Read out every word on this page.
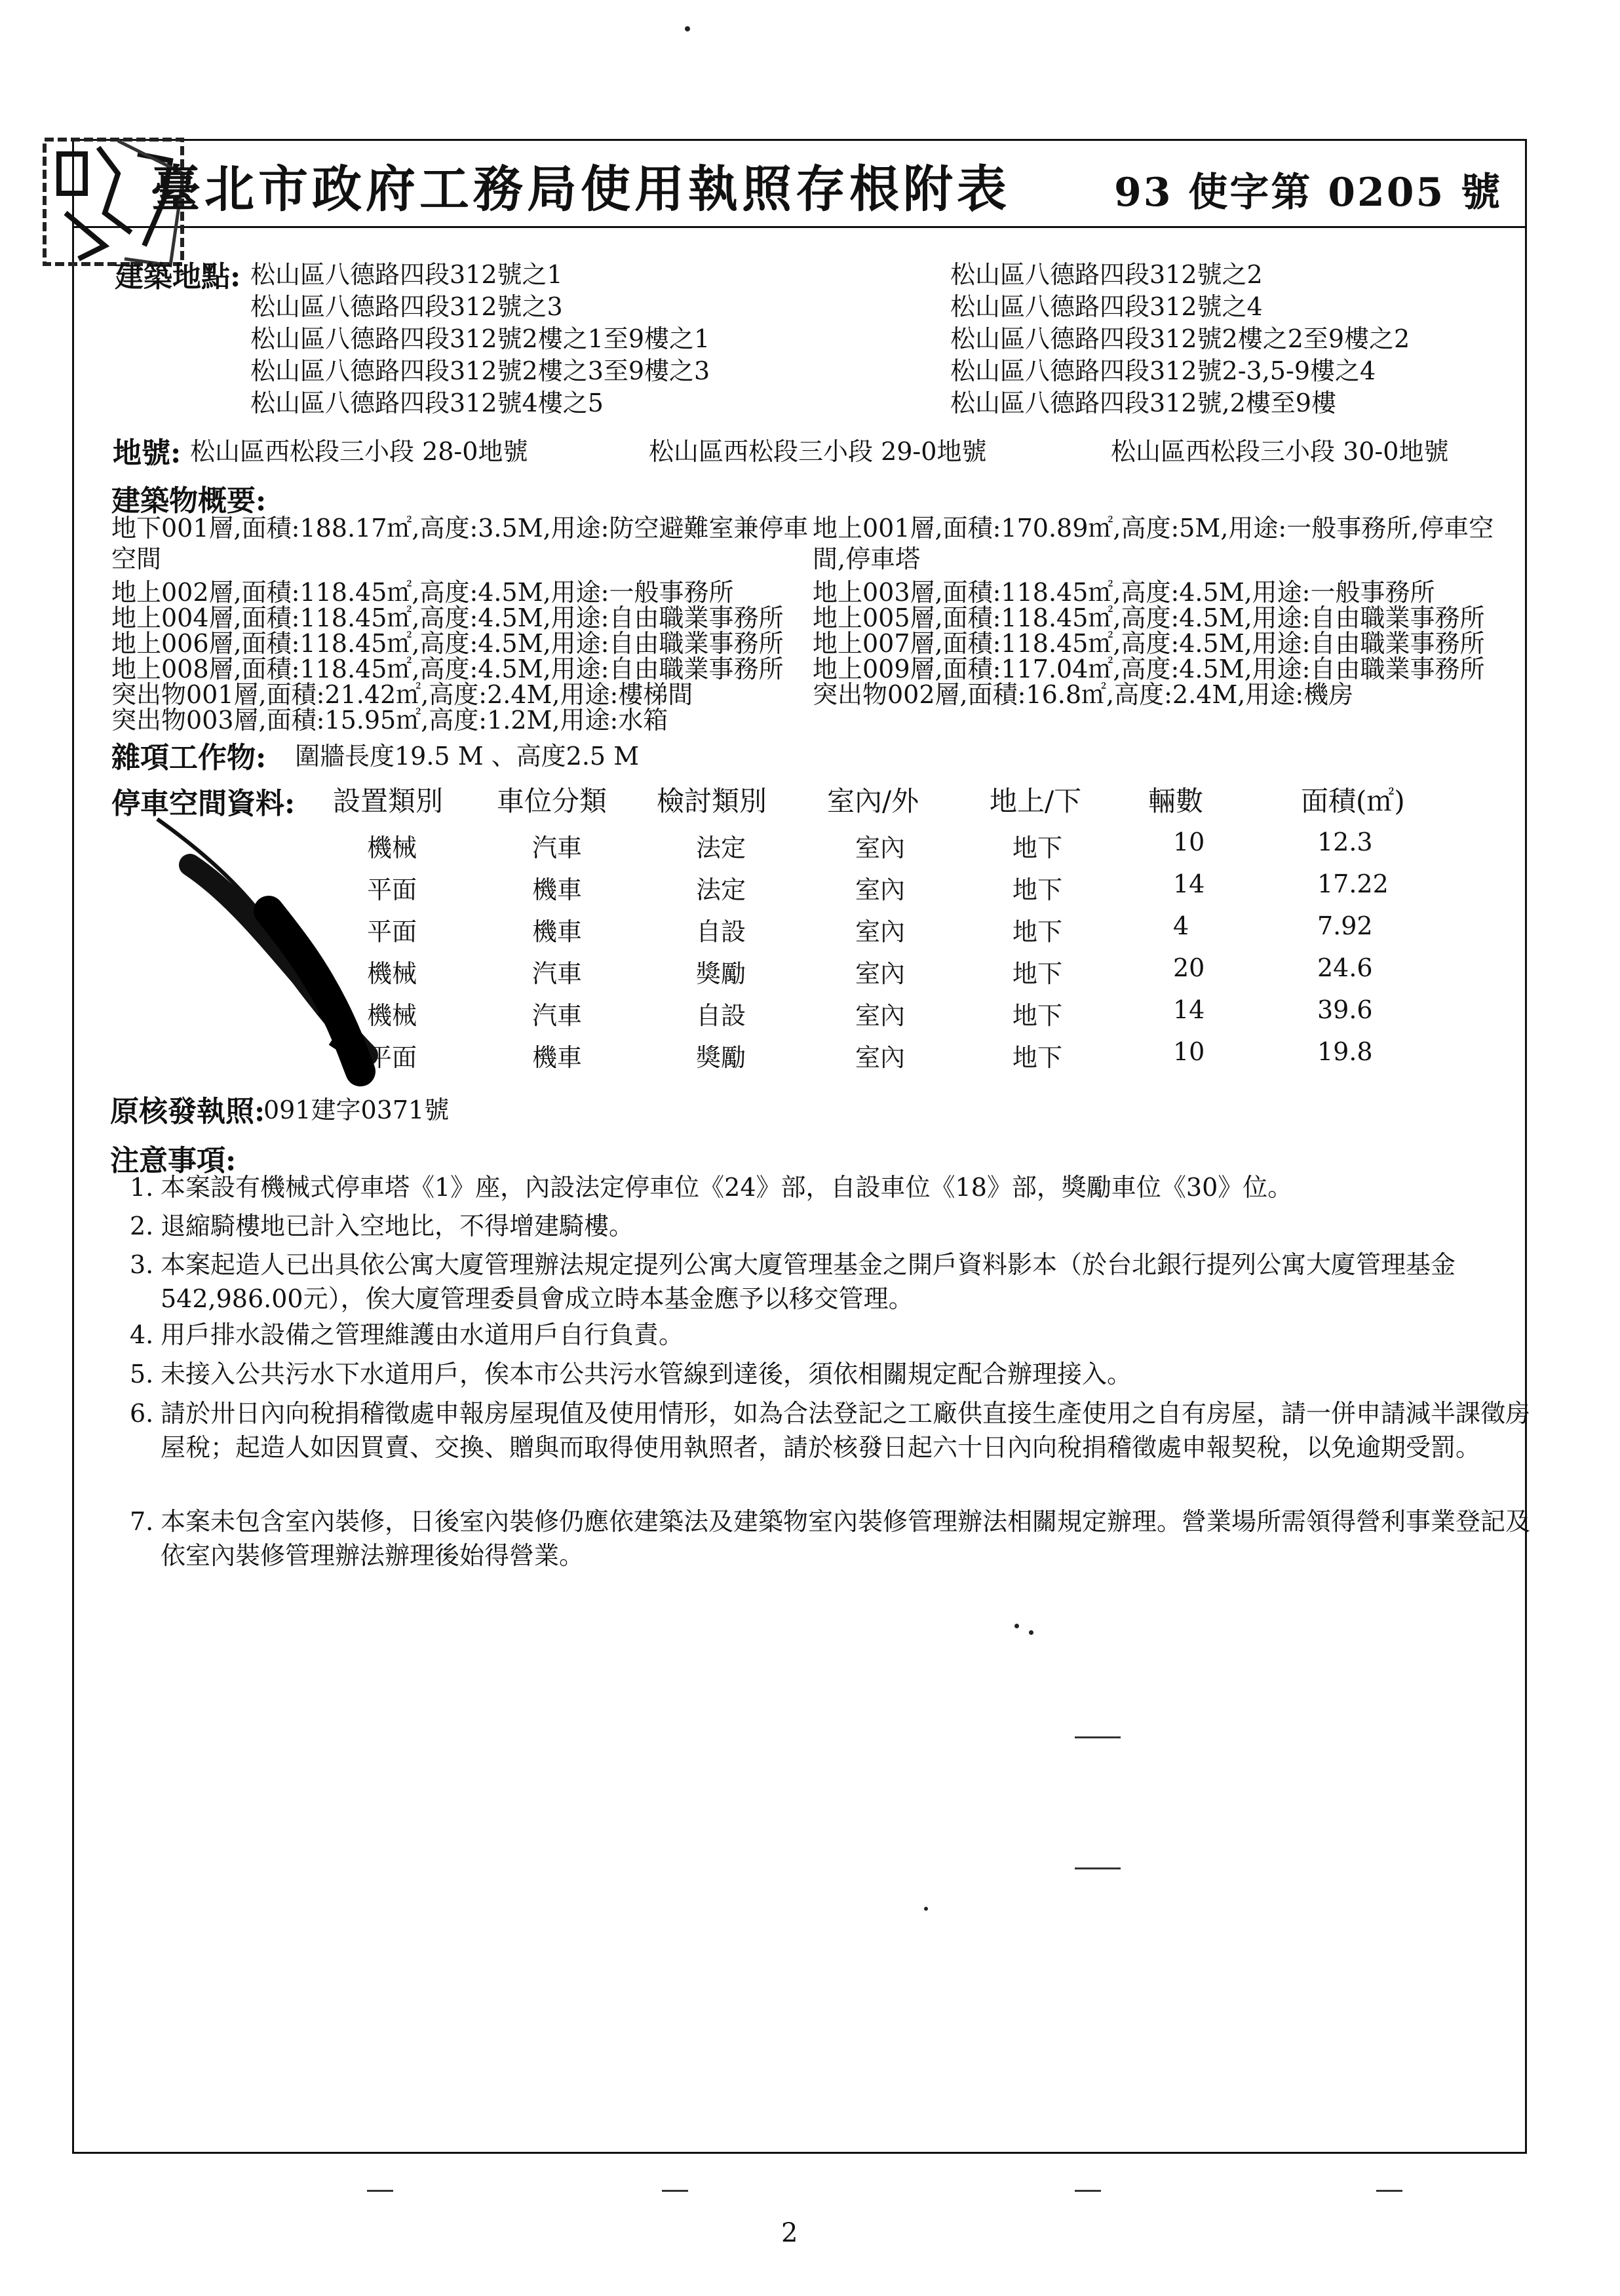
臺北市政府工務局使用執照存根附表	93 使字第 0205 號
建築地點: 松山區八德路四段312號之1
松山區八德路四段312號之3
松山區八德路四段312號2樓之1至9樓之1
松山區八德路四段312號2樓之3至9樓之3
松山區八德路四段312號4樓之5
松山區八德路四段312號之2
松山區八德路四段312號之4
松山區八德路四段312號2樓之2至9樓之2
松山區八德路四段312號2-3,5-9樓之4
松山區八德路四段312號,2樓至9樓
地號: 松山區西松段三小段 28-0地號	松山區西松段三小段 29-0地號	松山區西松段三小段 30-0地號
建築物概要:
地下001層,面積:188.17㎡,高度:3.5M,用途:防空避難室兼停車
空間
地上002層,面積:118.45㎡,高度:4.5M,用途:一般事務所
地上004層,面積:118.45㎡,高度:4.5M,用途:自由職業事務所
地上006層,面積:118.45㎡,高度:4.5M,用途:自由職業事務所
地上008層,面積:118.45㎡,高度:4.5M,用途:自由職業事務所
突出物001層,面積:21.42㎡,高度:2.4M,用途:樓梯間
突出物003層,面積:15.95㎡,高度:1.2M,用途:水箱
地上001層,面積:170.89㎡,高度:5M,用途:一般事務所,停車空
間,停車塔
地上003層,面積:118.45㎡,高度:4.5M,用途:一般事務所
地上005層,面積:118.45㎡,高度:4.5M,用途:自由職業事務所
地上007層,面積:118.45㎡,高度:4.5M,用途:自由職業事務所
地上009層,面積:117.04㎡,高度:4.5M,用途:自由職業事務所
突出物002層,面積:16.8㎡,高度:2.4M,用途:機房
雜項工作物: 圍牆長度19.5 M 、高度2.5 M
停車空間資料: 設置類別 車位分類 檢討類別 室內/外	地上/下 輛數	面積(㎡)
機械	汽車	法定	室內	地下	10	12.3
平面	機車	法定	室內	地下	14	17.22
平面	機車	自設	室內	地下	4	7.92
機械	汽車	獎勵	室內	地下	20	24.6
機械	汽車	自設	室內	地下	14	39.6
平面	機車	獎勵	室內	地下	10	19.8
原核發執照:
091建字0371號
注意事項:
1. 本案設有機械式停車塔《1》座，內設法定停車位《24》部，自設車位《18》部，獎勵車位《30》位。
2. 退縮騎樓地已計入空地比，不得增建騎樓。
3. 本案起造人已出具依公寓大廈管理辦法規定提列公寓大廈管理基金之開戶資料影本（於台北銀行提列公寓大廈管理基金542,986.00元），俟大廈管理委員會成立時本基金應予以移交管理。
4. 用戶排水設備之管理維護由水道用戶自行負責。
5. 未接入公共污水下水道用戶，俟本市公共污水管線到達後，須依相關規定配合辦理接入。
6. 請於卅日內向稅捐稽徵處申報房屋現值及使用情形，如為合法登記之工廠供直接生產使用之自有房屋，請一併申請減半課徵房屋稅；起造人如因買賣、交換、贈與而取得使用執照者，請於核發日起六十日內向稅捐稽徵處申報契稅，以免逾期受罰。
7. 本案未包含室內裝修，日後室內裝修仍應依建築法及建築物室內裝修管理辦法相關規定辦理。營業場所需領得營利事業登記及依室內裝修管理辦法辦理後始得營業。
2
